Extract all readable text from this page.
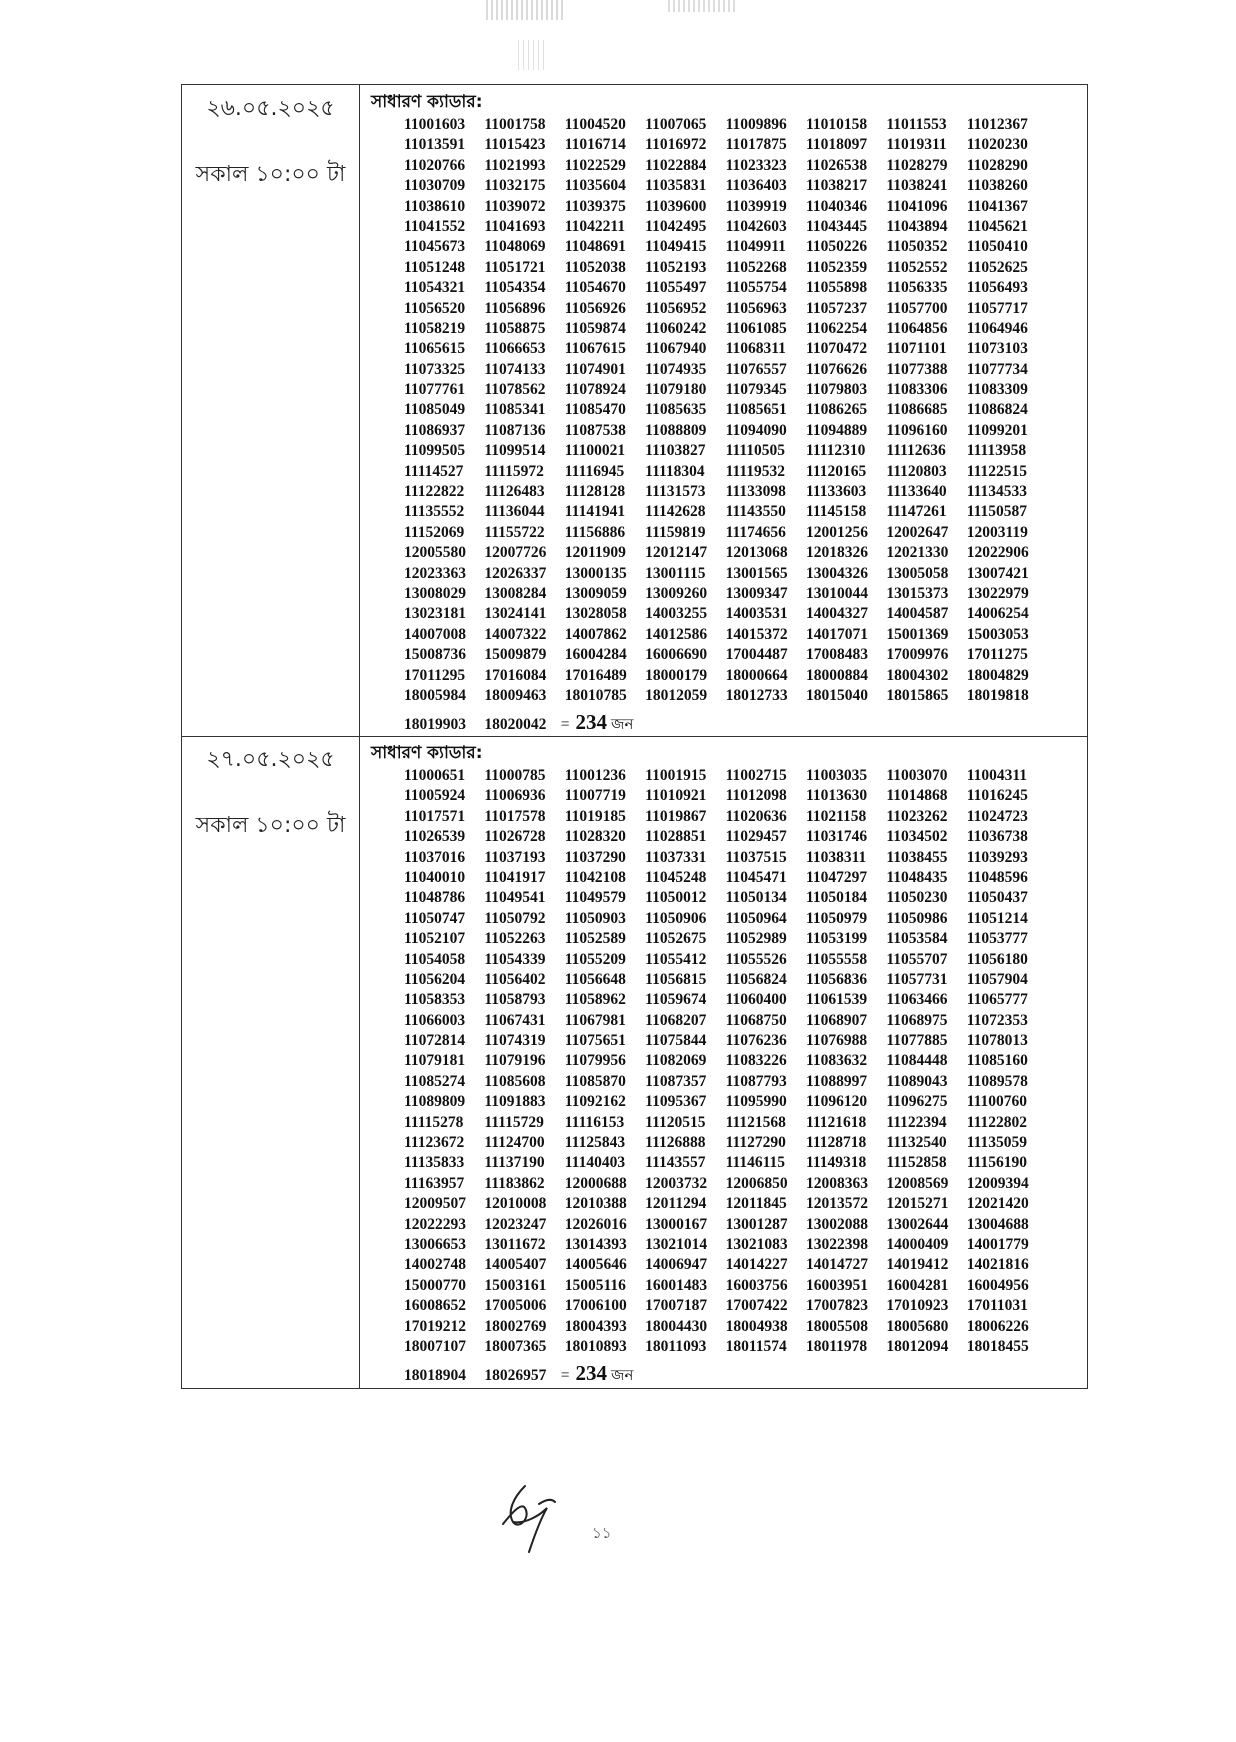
২৬.০৫.২০২৫
সকাল ১০:০০ টা
সাধারণ ক্যাডার:
11001603 11001758 11004520 11007065 11009896 11010158 11011553 11012367
11013591 11015423 11016714 11016972 11017875 11018097 11019311 11020230
11020766 11021993 11022529 11022884 11023323 11026538 11028279 11028290
11030709 11032175 11035604 11035831 11036403 11038217 11038241 11038260
11038610 11039072 11039375 11039600 11039919 11040346 11041096 11041367
11041552 11041693 11042211 11042495 11042603 11043445 11043894 11045621
11045673 11048069 11048691 11049415 11049911 11050226 11050352 11050410
11051248 11051721 11052038 11052193 11052268 11052359 11052552 11052625
11054321 11054354 11054670 11055497 11055754 11055898 11056335 11056493
11056520 11056896 11056926 11056952 11056963 11057237 11057700 11057717
11058219 11058875 11059874 11060242 11061085 11062254 11064856 11064946
11065615 11066653 11067615 11067940 11068311 11070472 11071101 11073103
11073325 11074133 11074901 11074935 11076557 11076626 11077388 11077734
11077761 11078562 11078924 11079180 11079345 11079803 11083306 11083309
11085049 11085341 11085470 11085635 11085651 11086265 11086685 11086824
11086937 11087136 11087538 11088809 11094090 11094889 11096160 11099201
11099505 11099514 11100021 11103827 11110505 11112310 11112636 11113958
11114527 11115972 11116945 11118304 11119532 11120165 11120803 11122515
11122822 11126483 11128128 11131573 11133098 11133603 11133640 11134533
11135552 11136044 11141941 11142628 11143550 11145158 11147261 11150587
11152069 11155722 11156886 11159819 11174656 12001256 12002647 12003119
12005580 12007726 12011909 12012147 12013068 12018326 12021330 12022906
12023363 12026337 13000135 13001115 13001565 13004326 13005058 13007421
13008029 13008284 13009059 13009260 13009347 13010044 13015373 13022979
13023181 13024141 13028058 14003255 14003531 14004327 14004587 14006254
14007008 14007322 14007862 14012586 14015372 14017071 15001369 15003053
15008736 15009879 16004284 16006690 17004487 17008483 17009976 17011275
17011295 17016084 17016489 18000179 18000664 18000884 18004302 18004829
18005984 18009463 18010785 18012059 18012733 18015040 18015865 18019818
18019903 18020042 = 234 জন
২৭.০৫.২০২৫
সকাল ১০:০০ টা
সাধারণ ক্যাডার:
11000651 11000785 11001236 11001915 11002715 11003035 11003070 11004311
11005924 11006936 11007719 11010921 11012098 11013630 11014868 11016245
11017571 11017578 11019185 11019867 11020636 11021158 11023262 11024723
11026539 11026728 11028320 11028851 11029457 11031746 11034502 11036738
11037016 11037193 11037290 11037331 11037515 11038311 11038455 11039293
11040010 11041917 11042108 11045248 11045471 11047297 11048435 11048596
11048786 11049541 11049579 11050012 11050134 11050184 11050230 11050437
11050747 11050792 11050903 11050906 11050964 11050979 11050986 11051214
11052107 11052263 11052589 11052675 11052989 11053199 11053584 11053777
11054058 11054339 11055209 11055412 11055526 11055558 11055707 11056180
11056204 11056402 11056648 11056815 11056824 11056836 11057731 11057904
11058353 11058793 11058962 11059674 11060400 11061539 11063466 11065777
11066003 11067431 11067981 11068207 11068750 11068907 11068975 11072353
11072814 11074319 11075651 11075844 11076236 11076988 11077885 11078013
11079181 11079196 11079956 11082069 11083226 11083632 11084448 11085160
11085274 11085608 11085870 11087357 11087793 11088997 11089043 11089578
11089809 11091883 11092162 11095367 11095990 11096120 11096275 11100760
11115278 11115729 11116153 11120515 11121568 11121618 11122394 11122802
11123672 11124700 11125843 11126888 11127290 11128718 11132540 11135059
11135833 11137190 11140403 11143557 11146115 11149318 11152858 11156190
11163957 11183862 12000688 12003732 12006850 12008363 12008569 12009394
12009507 12010008 12010388 12011294 12011845 12013572 12015271 12021420
12022293 12023247 12026016 13000167 13001287 13002088 13002644 13004688
13006653 13011672 13014393 13021014 13021083 13022398 14000409 14001779
14002748 14005407 14005646 14006947 14014227 14014727 14019412 14021816
15000770 15003161 15005116 16001483 16003756 16003951 16004281 16004956
16008652 17005006 17006100 17007187 17007422 17007823 17010923 17011031
17019212 18002769 18004393 18004430 18004938 18005508 18005680 18006226
18007107 18007365 18010893 18011093 18011574 18011978 18012094 18018455
18018904 18026957 = 234 জন
১১
